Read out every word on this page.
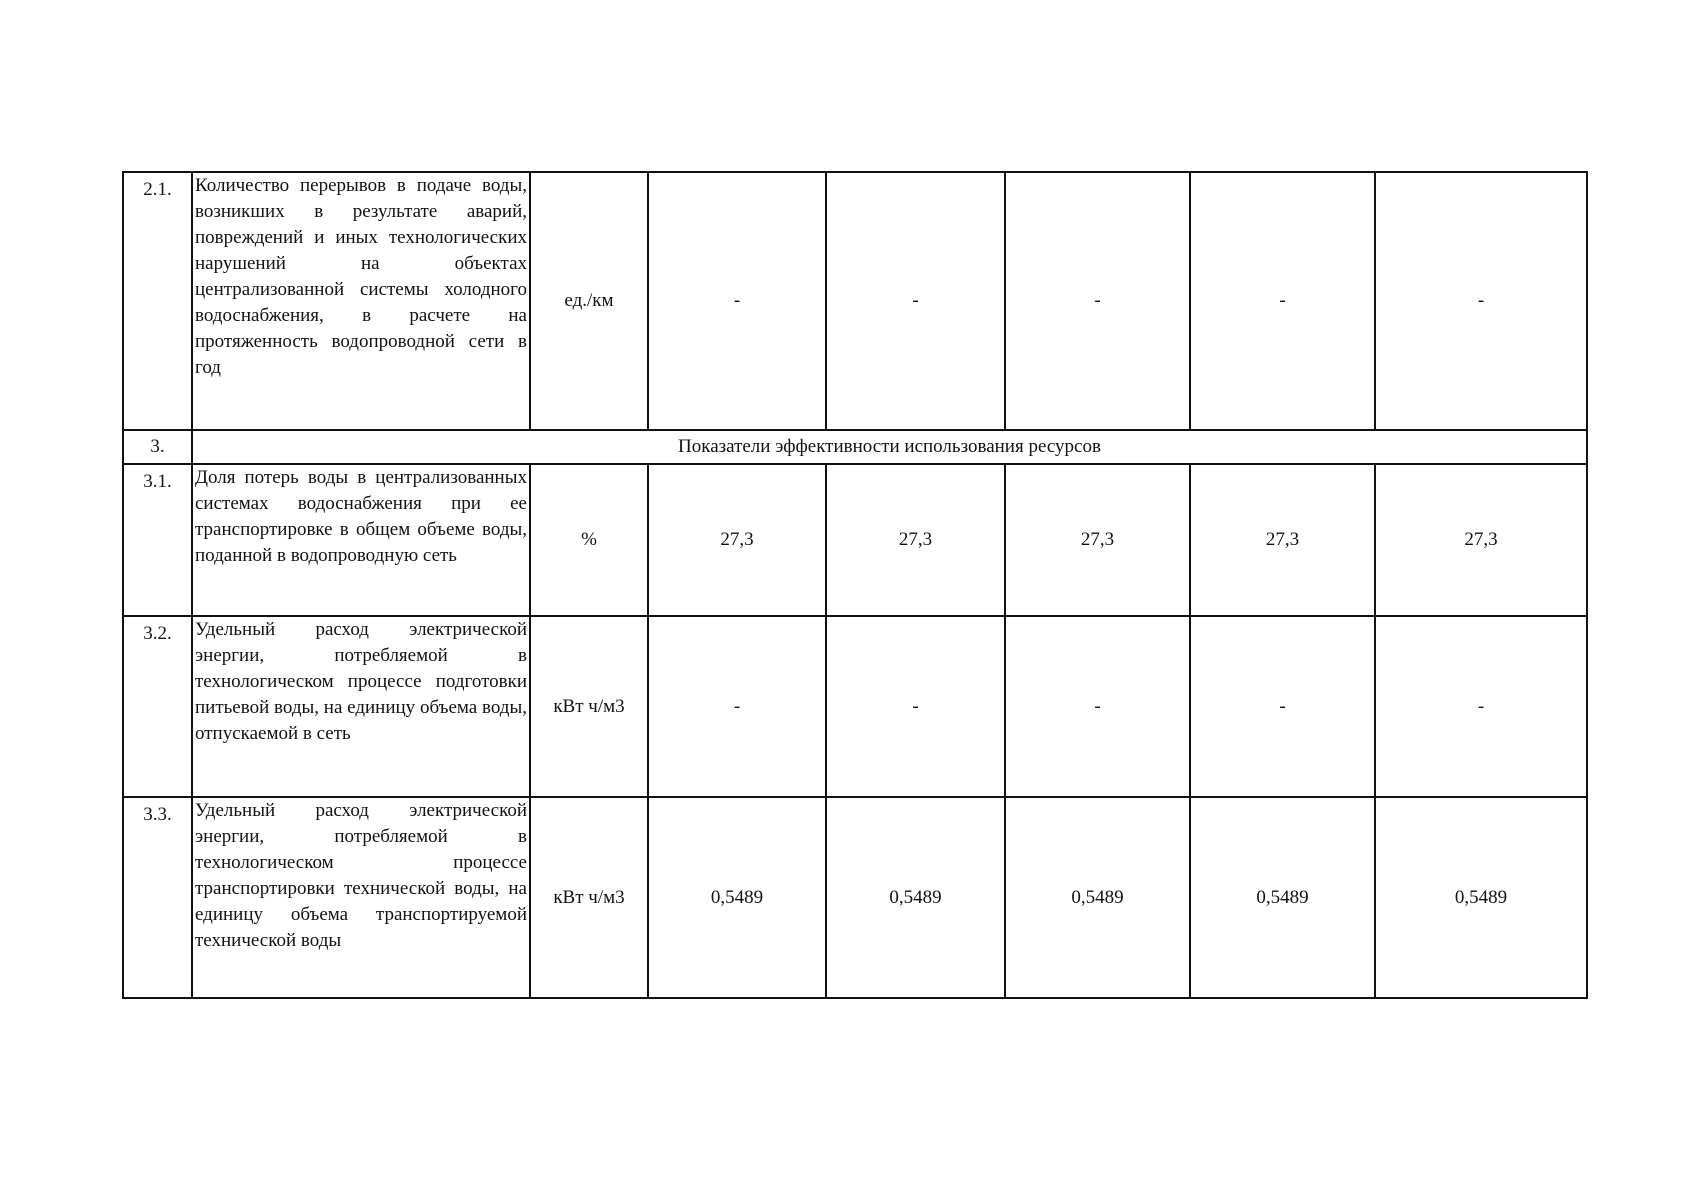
2.1.	Количество перерывов в подаче воды, возникших в результате аварий, повреждений и иных технологических нарушений на объектах централизованной системы холодного водоснабжения, в расчете на протяженность водопроводной сети в год	ед./км	-	-	-	-	-
3.	Показатели эффективности использования ресурсов						
3.1.	Доля потерь воды в централизованных системах водоснабжения при ее транспортировке в общем объеме воды, поданной в водопроводную сеть	%	27,3	27,3	27,3	27,3	27,3
3.2.	Удельный расход электрической энергии, потребляемой в технологическом процессе подготовки питьевой воды, на единицу объема воды, отпускаемой в сеть	кВт ч/м3	-	-	-	-	-
3.3.	Удельный расход электрической энергии, потребляемой в технологическом процессе транспортировки технической воды, на единицу объема транспортируемой технической воды	кВт ч/м3	0,5489	0,5489	0,5489	0,5489	0,5489
